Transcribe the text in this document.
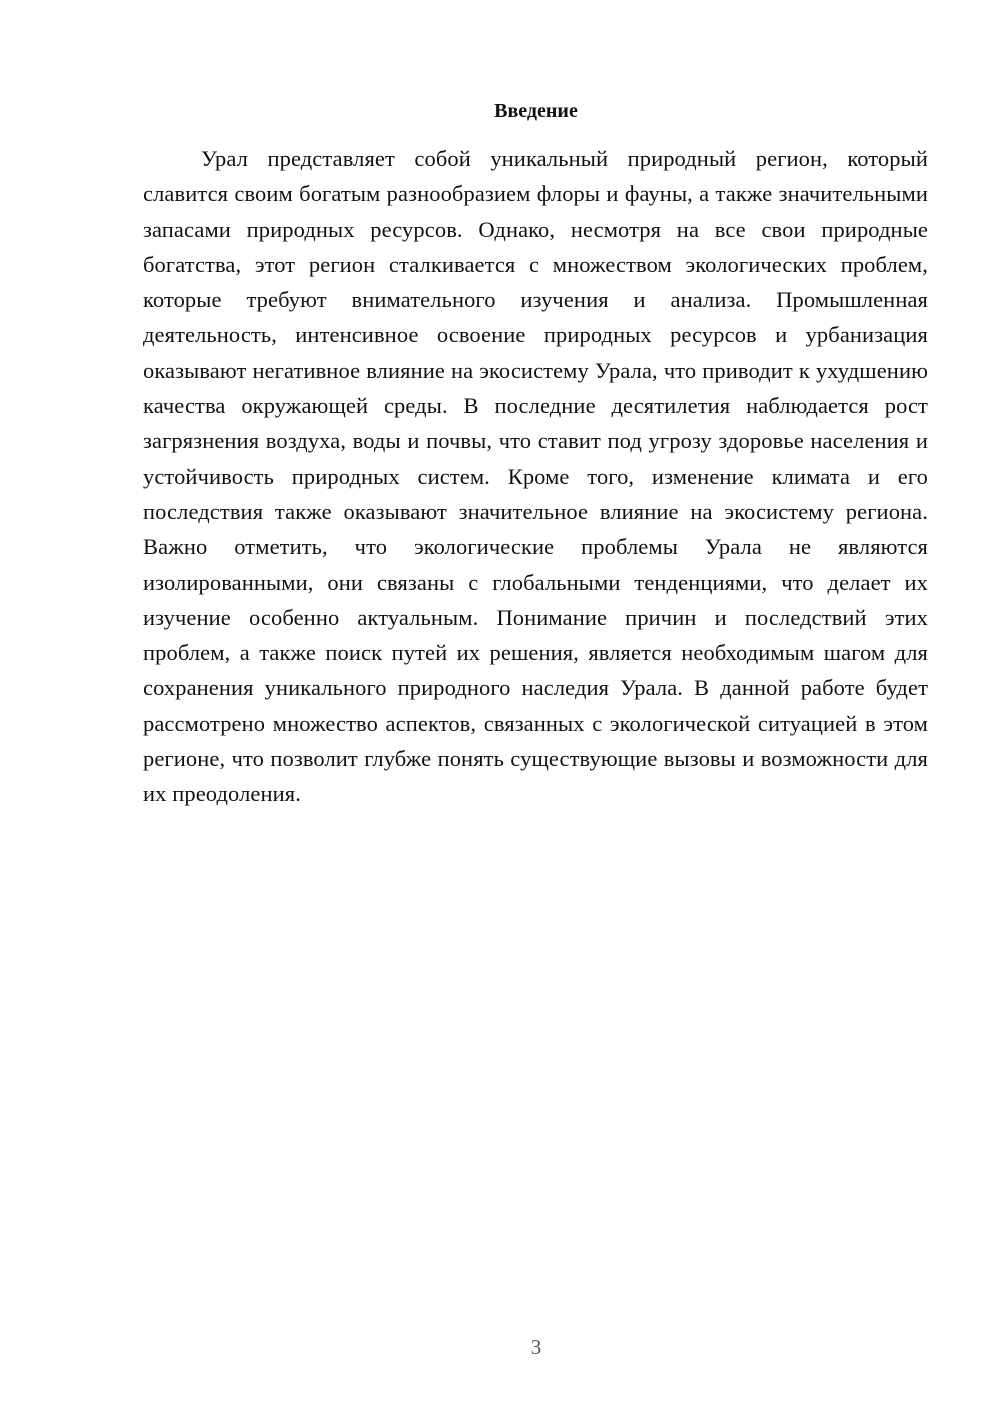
Введение

Урал представляет собой уникальный природный регион, который славится своим богатым разнообразием флоры и фауны, а также значительными запасами природных ресурсов. Однако, несмотря на все свои природные богатства, этот регион сталкивается с множеством экологических проблем, которые требуют внимательного изучения и анализа. Промышленная деятельность, интенсивное освоение природных ресурсов и урбанизация оказывают негативное влияние на экосистему Урала, что приводит к ухудшению качества окружающей среды. В последние десятилетия наблюдается рост загрязнения воздуха, воды и почвы, что ставит под угрозу здоровье населения и устойчивость природных систем. Кроме того, изменение климата и его последствия также оказывают значительное влияние на экосистему региона. Важно отметить, что экологические проблемы Урала не являются изолированными, они связаны с глобальными тенденциями, что делает их изучение особенно актуальным. Понимание причин и последствий этих проблем, а также поиск путей их решения, является необходимым шагом для сохранения уникального природного наследия Урала. В данной работе будет рассмотрено множество аспектов, связанных с экологической ситуацией в этом регионе, что позволит глубже понять существующие вызовы и возможности для их преодоления.

3
